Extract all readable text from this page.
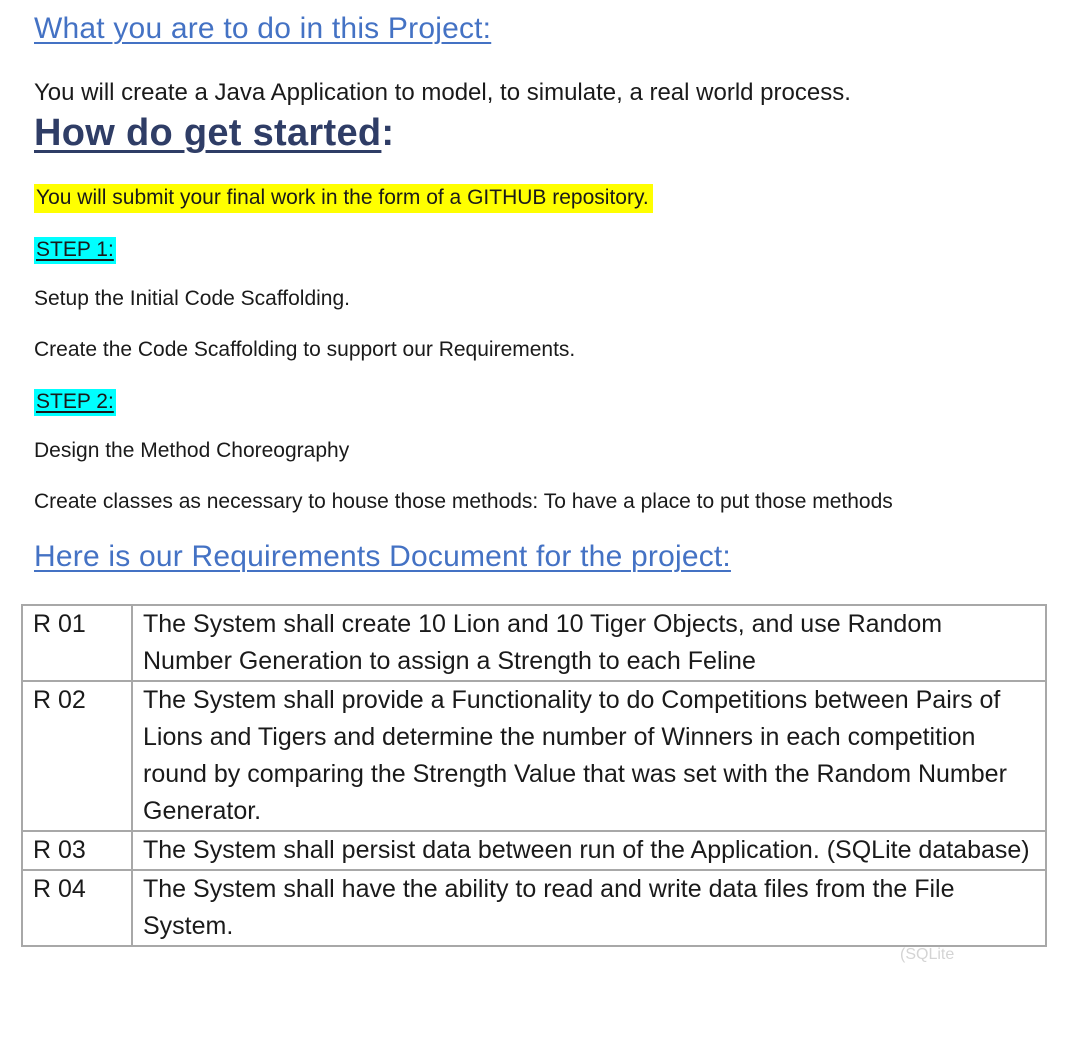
What you are to do in this Project:
You will create a Java Application to model, to simulate, a real world process.
How do get started:
You will submit your final work in the form of a GITHUB repository.
STEP 1:
Setup the Initial Code Scaffolding.
Create the Code Scaffolding to support our Requirements.
STEP 2:
Design the Method Choreography
Create classes as necessary to house those methods: To have a place to put those methods
Here is our Requirements Document for the project:
R 01	The System shall create 10 Lion and 10 Tiger Objects, and use Random Number Generation to assign a Strength to each Feline
R 02	The System shall provide a Functionality to do Competitions between Pairs of Lions and Tigers and determine the number of Winners in each competition round by comparing the Strength Value that was set with the Random Number Generator.
R 03	The System shall persist data between run of the Application. (SQLite database)
R 04	The System shall have the ability to read and write data files from the File System.
(SQLite
